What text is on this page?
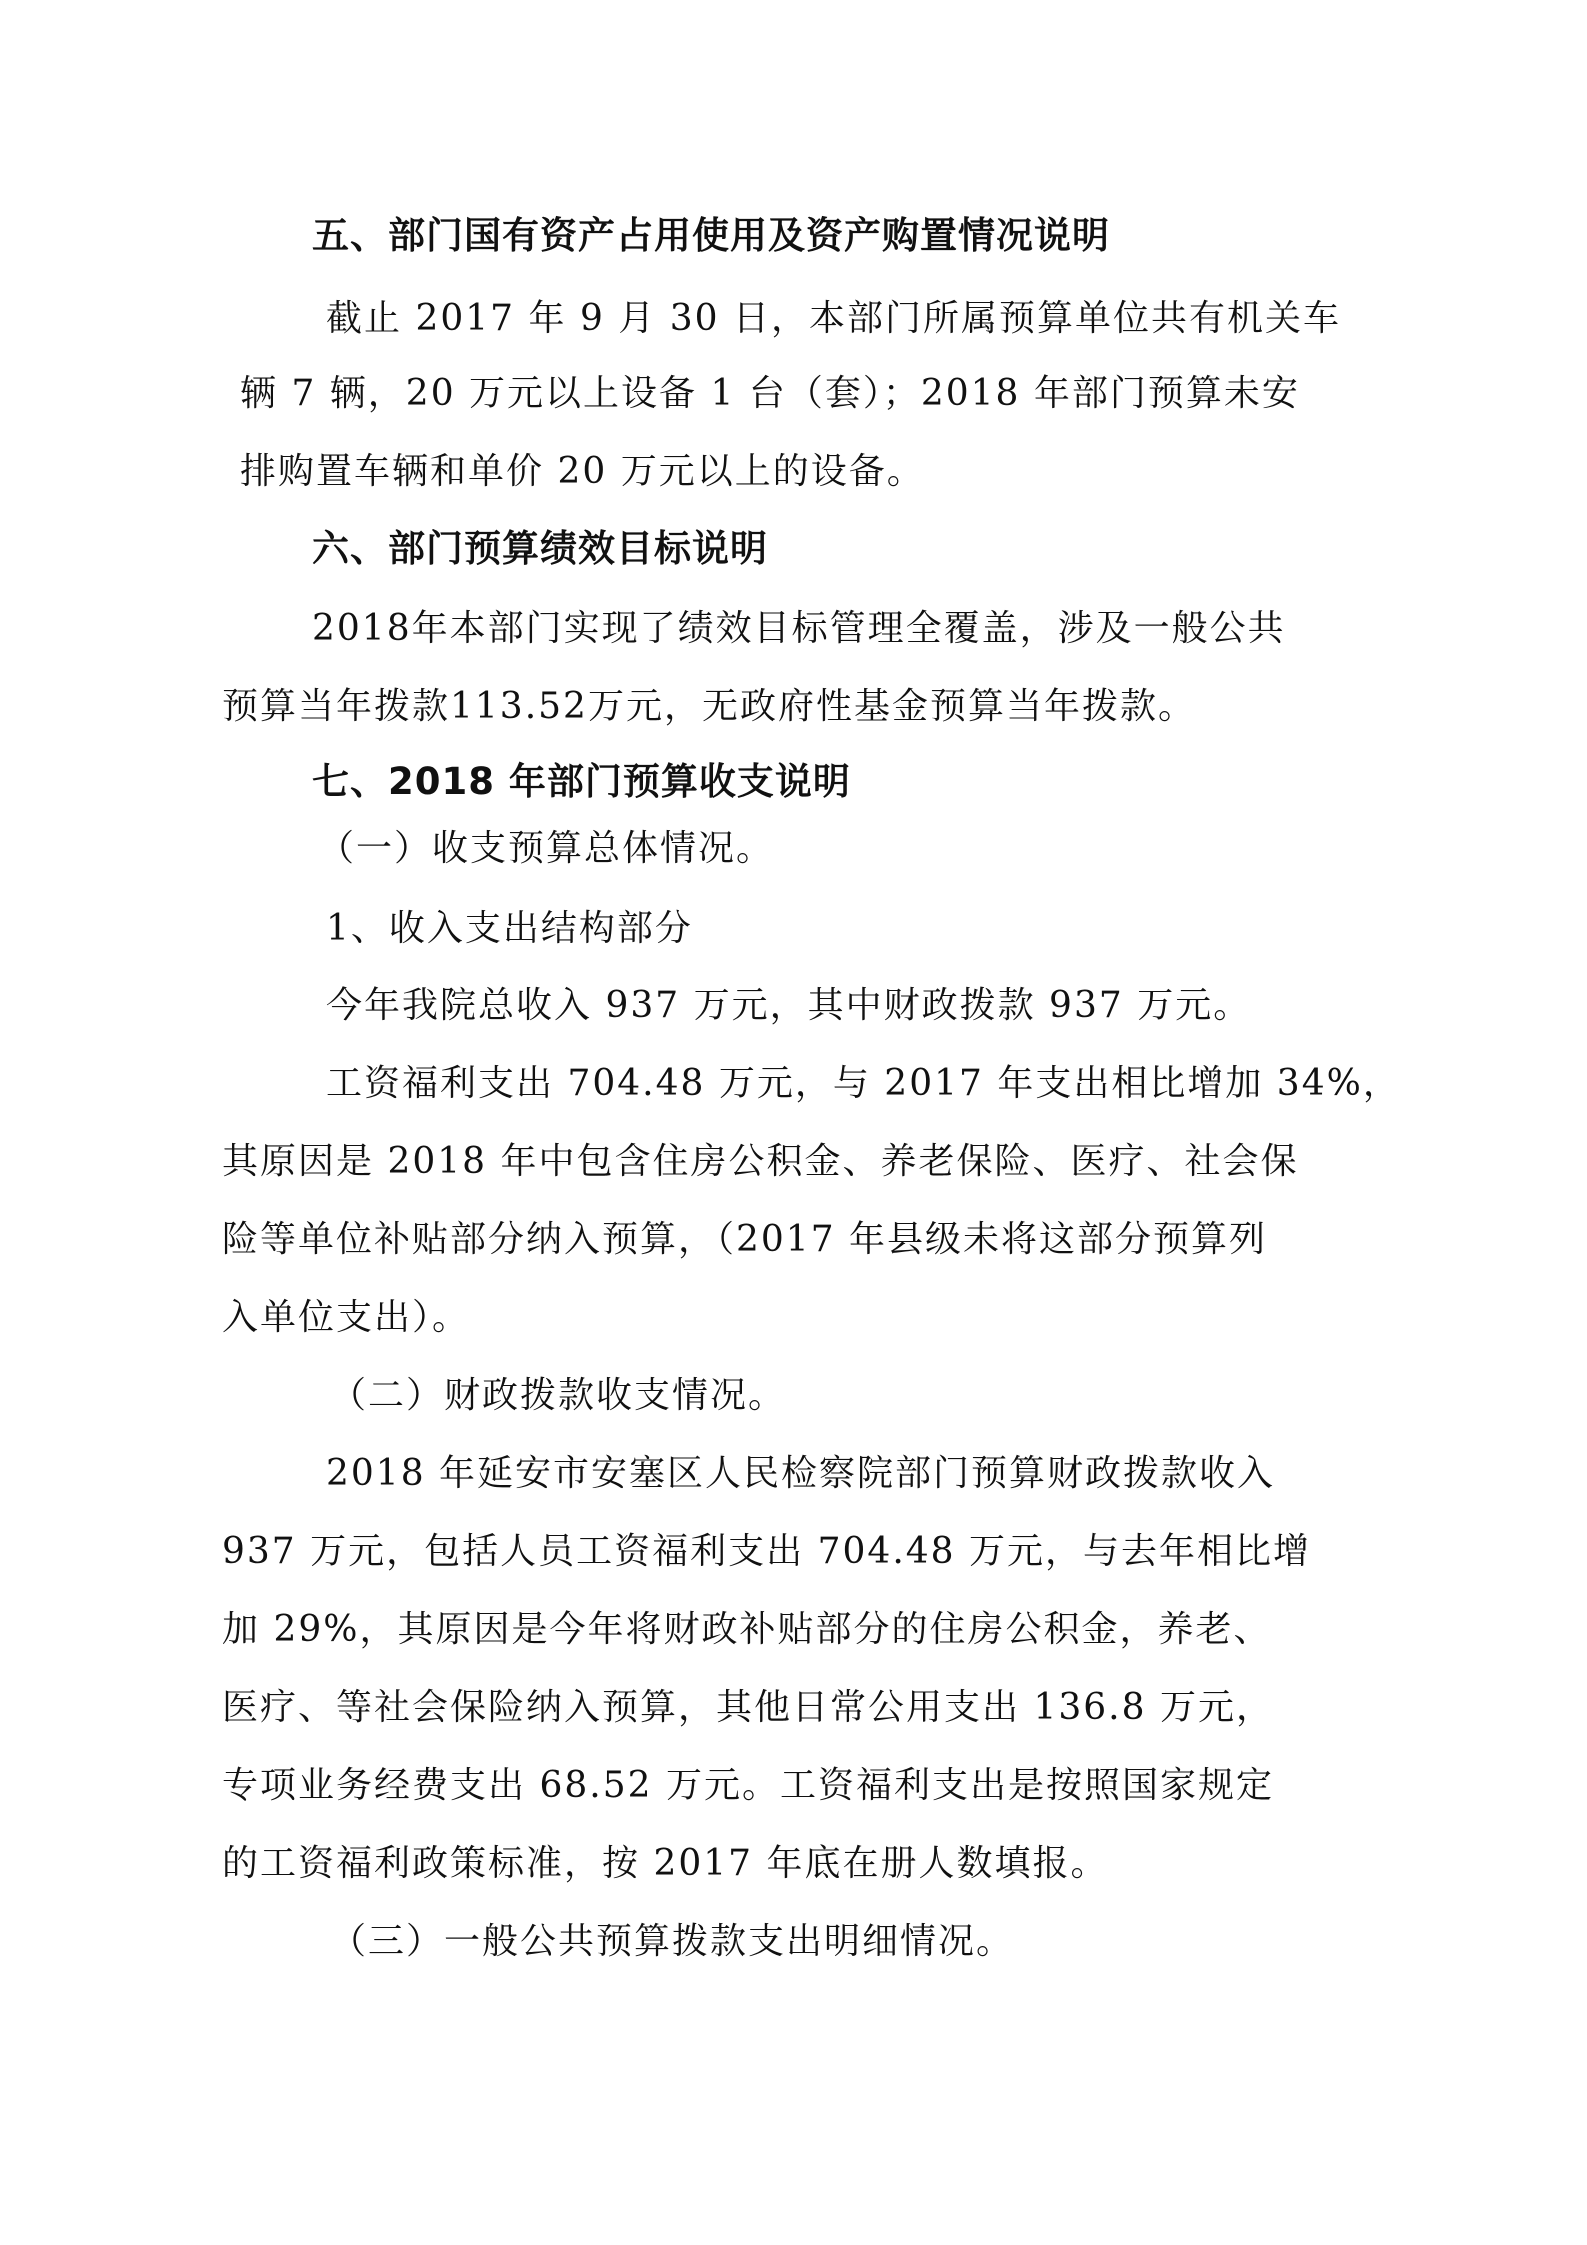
五、部门国有资产占用使用及资产购置情况说明

截止 2017 年 9 月 30 日，本部门所属预算单位共有机关车

辆 7 辆，20 万元以上设备 1 台（套）；2018 年部门预算未安

排购置车辆和单价 20 万元以上的设备。

六、部门预算绩效目标说明

2018年本部门实现了绩效目标管理全覆盖，涉及一般公共

预算当年拨款113.52万元，无政府性基金预算当年拨款。

七、2018 年部门预算收支说明

（一）收支预算总体情况。

1、收入支出结构部分

今年我院总收入 937 万元，其中财政拨款 937 万元。

工资福利支出 704.48 万元，与 2017 年支出相比增加 34%，

其原因是 2018 年中包含住房公积金、养老保险、医疗、社会保

险等单位补贴部分纳入预算，（2017 年县级未将这部分预算列

入单位支出）。

（二）财政拨款收支情况。

2018 年延安市安塞区人民检察院部门预算财政拨款收入

937 万元，包括人员工资福利支出 704.48 万元，与去年相比增

加 29%，其原因是今年将财政补贴部分的住房公积金，养老、

医疗、等社会保险纳入预算，其他日常公用支出 136.8 万元，

专项业务经费支出 68.52 万元。工资福利支出是按照国家规定

的工资福利政策标准，按 2017 年底在册人数填报。

（三）一般公共预算拨款支出明细情况。
